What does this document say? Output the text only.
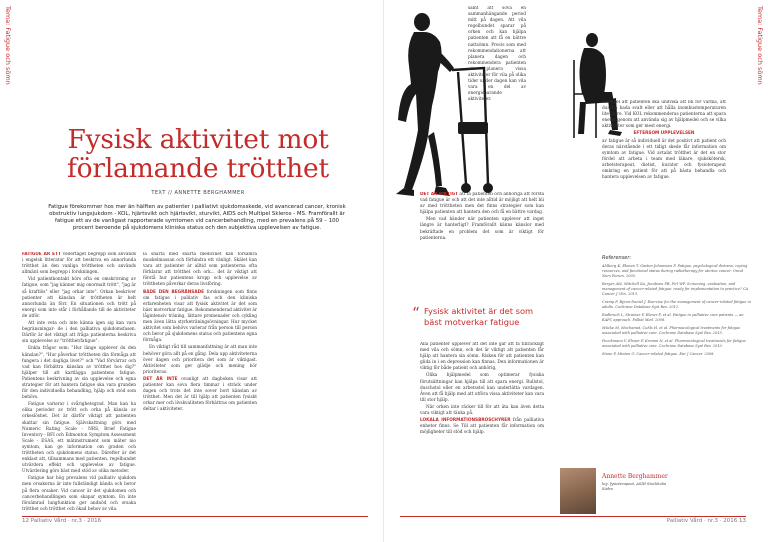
Tema: Fatigue och sömn
Fysisk aktivitet mot
förlamande trötthet
TEXT // ANNETTE BERGHAMMER
Fatigue förekommer hos mer än hälften av patienter i palliativt sjukdomsskede, vid avancerad cancer, kronisk obstruktiv lungsjukdom - KOL, hjärtsvikt och hjärtsvikt, sturvikt, AIDS och Multipel Skleros - MS. Framförallt är fatigue ett av de vanligast rapporterade symtomen vid cancerbehandling, med en prevalens på 59 – 100 procent beroende på sjukdomens kliniska status och den subjektiva upplevelsen av fatigue.

FATIGUE ÄR ETT vedertaget begrepp som används i engelsk litteratur för att beskriva en annorlunda trötthet än den vanliga tröttheten och används allmänt som begrepp i forskningen.

Vid patientkontakt hörs ofta en omskrivning av fatigue, som "jag känner mig onormalt trött", "jag är så kraftlös" eller "jag orkar inte". Orkan beskriver patienter att känslan är tröttheten är helt annorlunda än förr. En situationen och trött på energi som inte står i förhållande till de aktiviteter de utför.

Att inte veta och inte känna igen sig kan vara begränsningar- de i den palliativa sjukdomsfasen. Därför är det viktigt att fråga patienterna beskriva sin upplevelse av "trötthet/fatigue".

Enkla frågor som: "Hur länge upplever du den känslan?", "Hur påverkar tröttheten din förmåga att fungera i det dagliga livet?" och "Vad förvärrar och vad kan förbättra känslan av trötthet hos dig?" hjälper till att kartlägga patientens fatigue. Patientens beskrivning av sin upplevelse och egna strategier för att hantera fatigue ska vara grunden för den individuella behandling, hjälp och stöd som behövs.

Fatigue varierar i svårighetsgrad. Man kan ha olika perioder av trött och orka på känsla av orkeslöshet. Det är därför viktigt att patienten skattar sin fatigue. Självskattning görs med Numeric Rating Scale - NRS, Brief Fatigue Inventory - BFI och Edmonton Symptom Assessment Scale - ESAS, ett mätinstrument som mäter nio symtom, kan ge information om graden och tröttheten och sjukdomens status. Därefter är det enklast att, tillsammans med patienten, regelbundet utvärdera effekt och upplevelse av fatigue. Utvärdering görs bäst med stöd av olika metoder.

Fatigue har hög prevalens vid palliativ sjukdom men orsakerna är inte fullständigt kända och beror på flera orsaker. Vid cancer är det sjukdomen och cancerbehandlingen som skapar symtom. En inte försämrad lungfunktion ger andnöd och orsaka trötthet och trötthet och ökad behov av vila.

la snarta med snarta medicinet kan försämra muskelmassan och förhindra ett vänligt. Skälet kan vara att patienter är alltid som patienterna ofta förklarar att trötthet och ork... det är viktigt att förstå hur patientens kropp och upplevelse av tröttheten påverkar deras livsföring.

BÅDE DEN BEGRÄNSADE forskningen som finns om fatigue i palliativ fas och den kliniska erfarenheten visar att fysisk aktivitet är det som bäst motverkar fatigue. Rekommenderad aktivitet är lågintensiv träning, lättare promenader och cykling men även lätta styrketräningsövningar. Hur mycket aktivitet som behövs varierar från person till person och beror på sjukdomens status och patientens egna förmåga.

En viktigt råd till sammanfattning är att man inte behöver göra allt på en gång. Dela upp aktiviteterna över dagen och prioritera det som är viktigast. Aktiviteter som ger glädje och mening bör prioriteras.

DET ÄR INTE ovanligt att dagboken visar att patienter kan sova flera timmar i sträck under dagen och trots det inte sover bort känslan av trötthet. Men det är till hjälp att patienten fysiskt orkar mer och livskvaliteten förbättras om patienten deltar i aktiviteter.

12 Palliativ Vård · nr.3 · 2016
Tema: Fatigue och sömn

samt att sova en sammanhängande period mitt på dagen. Att vila regelbundet sparar på orken och kan hjälpa patienten att få en bättre nattsömn. Precis som med rekommendationerna att planera dagen och rekommendera patienten att planera vissa aktiviteter för vila på olika tider under dagen kan vila vara en del av energisparande aktiviteter.

DET ÄR VIKTIGT att få patienten och anhöriga att förstå vad fatigue är och att det inte alltid är möjligt att helt bli av med tröttheten men det finns strategier som kan hjälpa patienten att hantera den och få en bättre vardag.

Men vad händer när patienten upplever att inget längre är hanterligt? Framförallt känns känslor med bekräftade en problem det som är viktigt för patienterna.

“ Fysisk aktivitet är det som bäst motverkar fatigue

Alla patienter upplever att det inte går att få tillräckligt med vila och sömn, och det är viktigt att patienten får hjälp att hantera sin sömn. Risken för att patienten kan glida in i en depression kan finnas. Den informationen är viktig för både patient och anhörig.

Olika hjälpmedel som optimerar fysiska förutsättningar kan hjälpa till att spara energi. Rullstol, duschstol eller en arbetsstol kan underlätta vardagen. Även att få hjälp med att utföra vissa aktiviteter kan vara till stor hjälp.

När orken inte räcker till för att äta kan även detta vara viktigt att tänka på.

LOKALA INFORMATIONSBROSCHYRER från palliativa enheter finns. Se Till att patienten får information om möjligheter till stöd och hjälp.

exempel att patienten ska undvika att bli för varma, att duscha bada svalt eller att hålla inomhustemperaturen lite lägre. Vid KOL rekommenderas patienterna att spara energi genom att använda sig av hjälpmedel och se vilka aktiviteter som ger mest energi.

EFTERSOM UPPLEVELSEN

av fatigue är så individuell är det positivt att patient och deras närstående i ett tidigt skede får information om symtom av fatigue. Vid avtalat trötthet är det en stor fördel att arbeta i team med läkare, sjukskötersk, arbetsterapeut, dietist, kurator och fysioterapeut omkring en patient för att på bästa behandla och hantera upplevelsen av fatigue.

Referenser:

Ahlberg K, Ekman T, Gaston-Johansson F. Fatigue, psychological distress, coping resources, and functional status during radiotherapy for uterine cancer. Oncol Nurs Forum. 2005.

Berger AM, Mitchell SA, Jacobsen PB, Pirl WF. Screening, evaluation, and management of cancer-related fatigue: ready for implementation to practice? CA Cancer J Clin. 2015.

Cramp F, Byron-Daniel J. Exercise for the management of cancer-related fatigue in adults. Cochrane Database Syst Rev. 2012.

Radbruch L, Strasser F, Elsner F, et al. Fatigue in palliative care patients — an EAPC approach. Palliat Med. 2008.

Mücke M, Mochamat, Cuhls H, et al. Pharmacological treatments for fatigue associated with palliative care. Cochrane Database Syst Rev. 2015.

Peuckmann V, Elsner F, Krumm N, et al. Pharmacological treatments for fatigue associated with palliative care. Cochrane Database Syst Rev. 2010.

Stone P, Minton O. Cancer-related fatigue. Eur J Cancer. 2008.

Palliativ Vård · nr.3 · 2016 13
Annette Berghammer
leg. fysioterapeut, ASIH Stockholm Södra
